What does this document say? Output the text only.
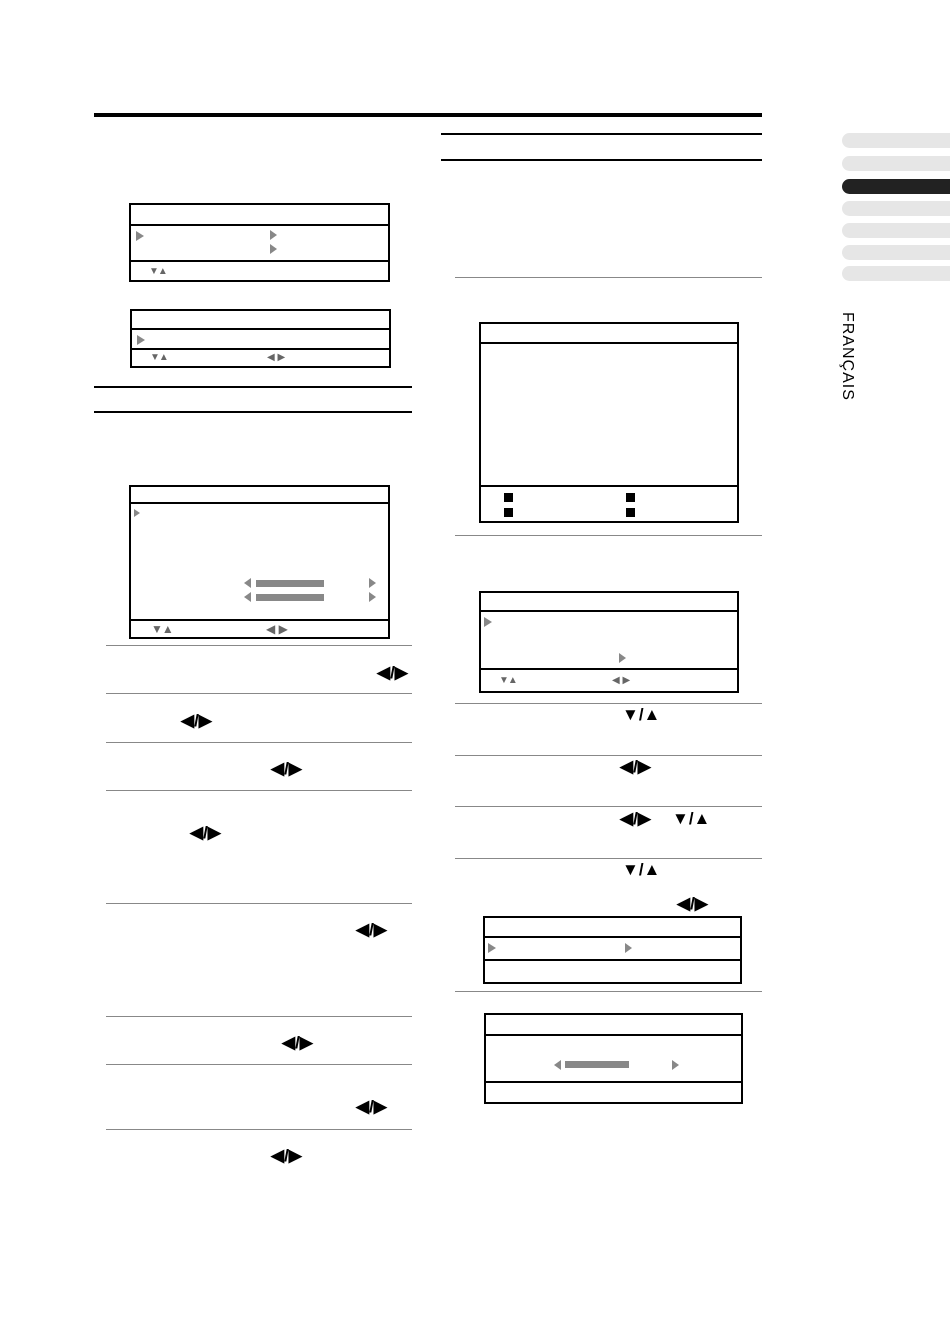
▼▲
▼▲	◀ ▶
▼▲	◀ ▶
◀/▶
◀/▶
◀/▶
◀/▶
◀/▶
◀/▶
◀/▶
◀/▶
▼▲	◀ ▶
▼/▲
◀/▶
◀/▶ ▼/▲
▼/▲
◀/▶
FRANÇAIS
